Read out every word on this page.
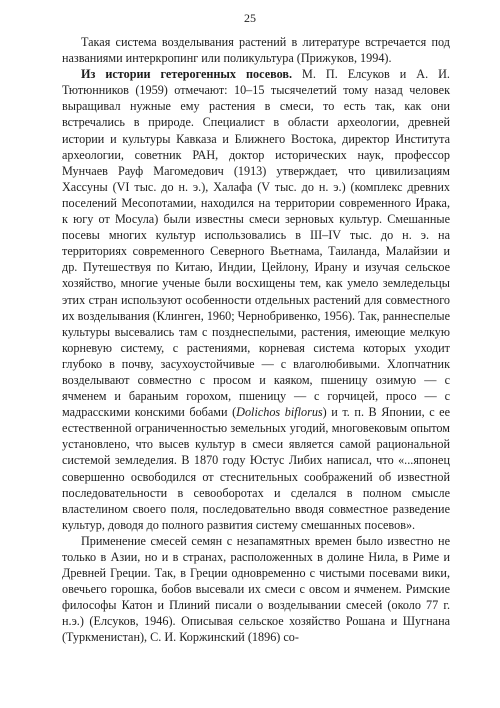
25

Такая система возделывания растений в литературе встречается под названиями интеркропинг или поликультура (Прижуков, 1994).

Из истории гетерогенных посевов. М. П. Елсуков и А. И. Тютюнников (1959) отмечают: 10–15 тысячелетий тому назад человек выращивал нужные ему растения в смеси, то есть так, как они встречались в природе. Специалист в области археологии, древней истории и культуры Кавказа и Ближнего Востока, директор Института археологии, советник РАН, доктор исторических наук, профессор Мунчаев Рауф Магомедович (1913) утверждает, что цивилизациям Хассуны (VI тыс. до н. э.), Халафа (V тыс. до н. э.) (комплекс древних поселений Месопотамии, находился на территории современного Ирака, к югу от Мосула) были известны смеси зерновых культур. Смешанные посевы многих культур использовались в III–IV тыс. до н. э. на территориях современного Северного Вьетнама, Таиланда, Малайзии и др. Путешествуя по Китаю, Индии, Цейлону, Ирану и изучая сельское хозяйство, многие ученые были восхищены тем, как умело земледельцы этих стран используют особенности отдельных растений для совместного их возделывания (Клинген, 1960; Чернобривенко, 1956). Так, раннеспелые культуры высевались там с позднеспелыми, растения, имеющие мелкую корневую систему, с растениями, корневая система которых уходит глубоко в почву, засухоустойчивые — с влаголюбивыми. Хлопчатник возделывают совместно с просом и каяком, пшеницу озимую — с ячменем и бараньим горохом, пшеницу — с горчицей, просо — с мадрасскими конскими бобами (Dolichos biflorus) и т. п. В Японии, с ее естественной ограниченностью земельных угодий, многовековым опытом установлено, что высев культур в смеси является самой рациональной системой земледелия. В 1870 году Юстус Либих написал, что «...японец совершенно освободился от стеснительных соображений об известной последовательности в севооборотах и сделался в полном смысле властелином своего поля, последовательно вводя совместное разведение культур, доводя до полного развития систему смешанных посевов».

Применение смесей семян с незапамятных времен было известно не только в Азии, но и в странах, расположенных в долине Нила, в Риме и Древней Греции. Так, в Греции одновременно с чистыми посевами вики, овечьего горошка, бобов высевали их смеси с овсом и ячменем. Римские философы Катон и Плиний писали о возделывании смесей (около 77 г. н.э.) (Елсуков, 1946). Описывая сельское хозяйство Рошана и Шугнана (Туркменистан), С. И. Коржинский (1896) со-
